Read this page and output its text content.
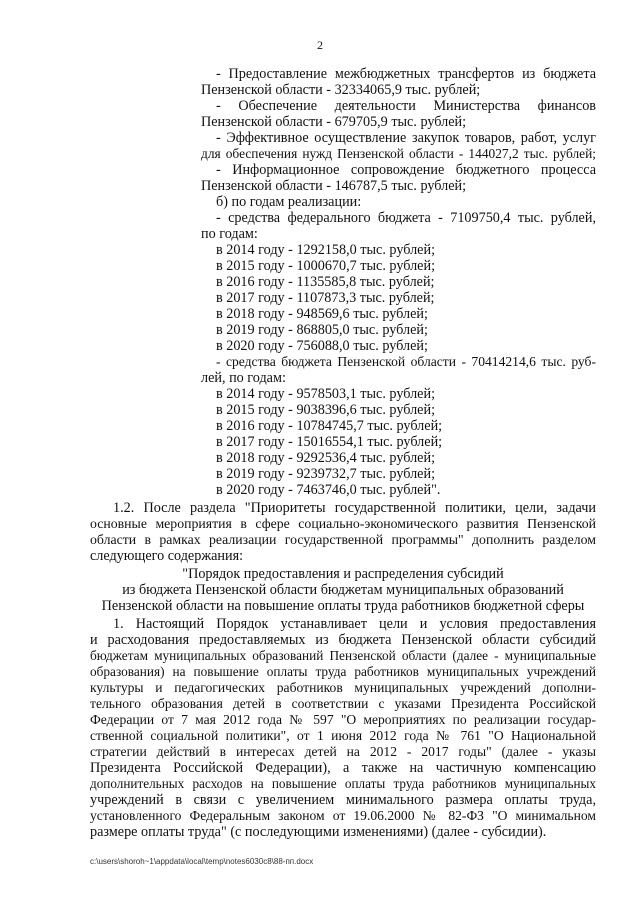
2
- Предоставление межбюджетных трансфертов из бюджета
Пензенской области - 32334065,9 тыс. рублей;
- Обеспечение деятельности Министерства финансов
Пензенской области - 679705,9 тыс. рублей;
- Эффективное осуществление закупок товаров, работ, услуг
для обеспечения нужд Пензенской области - 144027,2 тыс. рублей;
- Информационное сопровождение бюджетного процесса
Пензенской области - 146787,5 тыс. рублей;
б) по годам реализации:
- средства федерального бюджета - 7109750,4 тыс. рублей,
по годам:
в 2014 году - 1292158,0 тыс. рублей;
в 2015 году - 1000670,7 тыс. рублей;
в 2016 году - 1135585,8 тыс. рублей;
в 2017 году - 1107873,3 тыс. рублей;
в 2018 году - 948569,6 тыс. рублей;
в 2019 году - 868805,0 тыс. рублей;
в 2020 году - 756088,0 тыс. рублей;
- средства бюджета Пензенской области - 70414214,6 тыс. руб-
лей, по годам:
в 2014 году - 9578503,1 тыс. рублей;
в 2015 году - 9038396,6 тыс. рублей;
в 2016 году - 10784745,7 тыс. рублей;
в 2017 году - 15016554,1 тыс. рублей;
в 2018 году - 9292536,4 тыс. рублей;
в 2019 году - 9239732,7 тыс. рублей;
в 2020 году - 7463746,0 тыс. рублей".
1.2. После раздела "Приоритеты государственной политики, цели, задачи
основные мероприятия в сфере социально-экономического развития Пензенской
области в рамках реализации государственной программы" дополнить разделом
следующего содержания:
"Порядок предоставления и распределения субсидий
из бюджета Пензенской области бюджетам муниципальных образований
Пензенской области на повышение оплаты труда работников бюджетной сферы
1. Настоящий Порядок устанавливает цели и условия предоставления
и расходования предоставляемых из бюджета Пензенской области субсидий
бюджетам муниципальных образований Пензенской области (далее - муниципальные
образования) на повышение оплаты труда работников муниципальных учреждений
культуры и педагогических работников муниципальных учреждений дополни-
тельного образования детей в соответствии с указами Президента Российской
Федерации от 7 мая 2012 года № 597 "О мероприятиях по реализации государ-
ственной социальной политики", от 1 июня 2012 года № 761 "О Национальной
стратегии действий в интересах детей на 2012 - 2017 годы" (далее - указы
Президента Российской Федерации), а также на частичную компенсацию
дополнительных расходов на повышение оплаты труда работников муниципальных
учреждений в связи с увеличением минимального размера оплаты труда,
установленного Федеральным законом от 19.06.2000 № 82-ФЗ "О минимальном
размере оплаты труда" (с последующими изменениями) (далее - субсидии).
c:\users\shoroh~1\appdata\local\temp\notes6030c8\88-пп.docx
